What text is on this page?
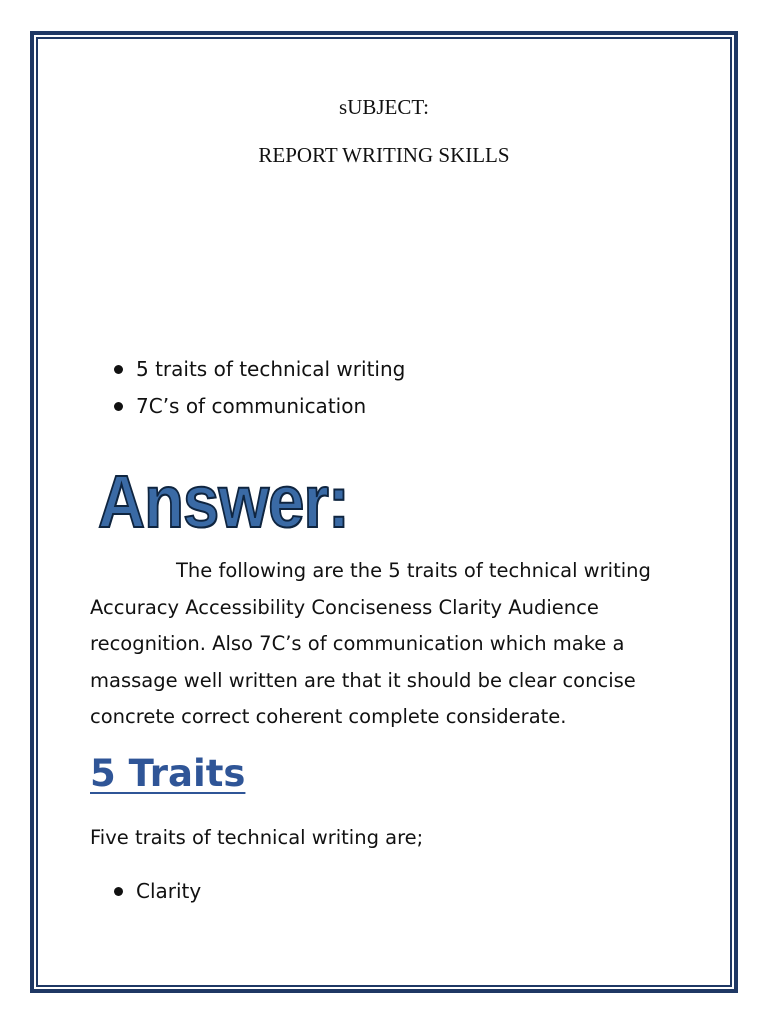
sUBJECT:

REPORT WRITING SKILLS

5 traits of technical writing
7C’s of communication

Answer:

The following are the 5 traits of technical writing Accuracy Accessibility Conciseness Clarity Audience recognition. Also 7C’s of communication which make a massage well written are that it should be clear concise concrete correct coherent complete considerate.

5 Traits

Five traits of technical writing are;

Clarity
